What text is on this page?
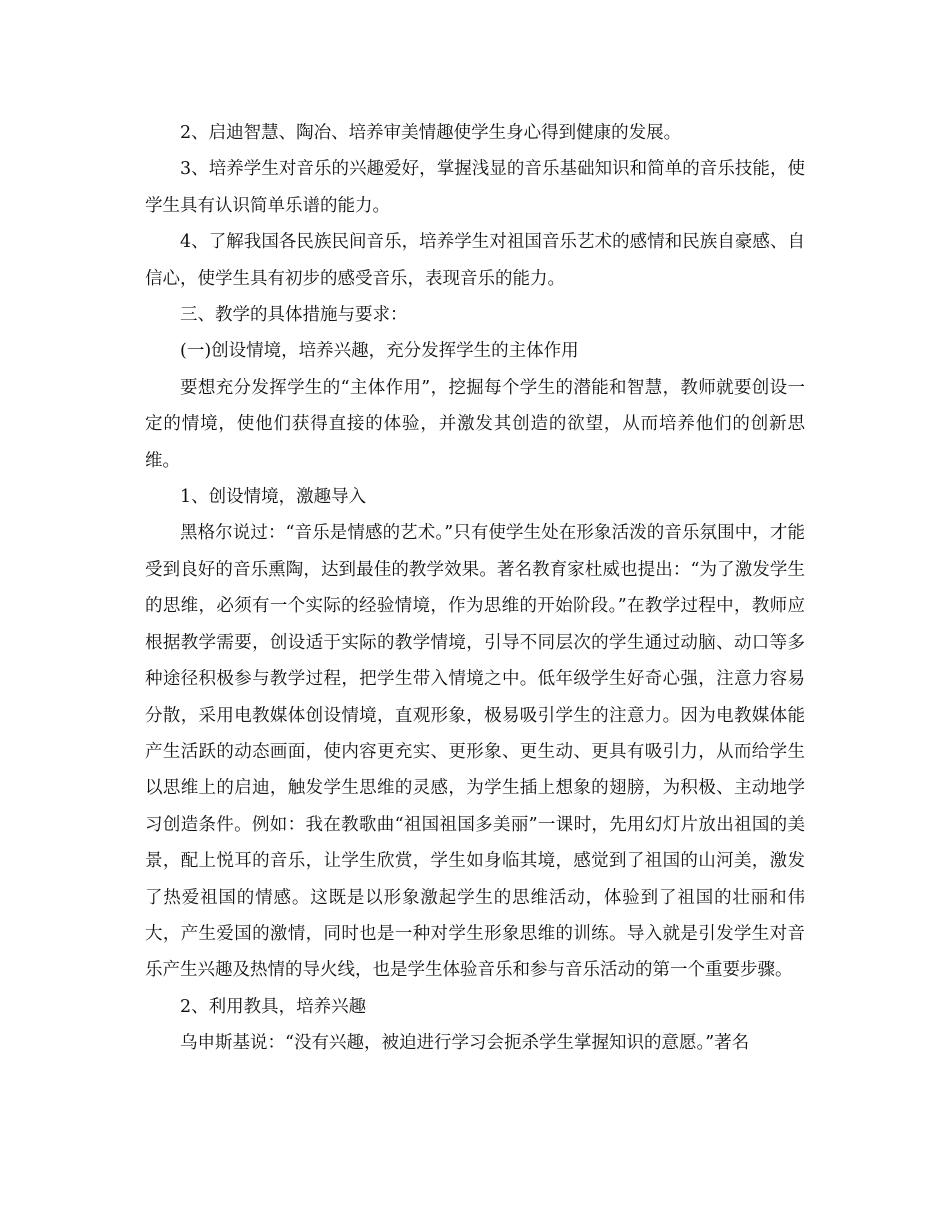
2、启迪智慧、陶冶、培养审美情趣使学生身心得到健康的发展。

3、培养学生对音乐的兴趣爱好，掌握浅显的音乐基础知识和简单的音乐技能，使学生具有认识简单乐谱的能力。

4、了解我国各民族民间音乐，培养学生对祖国音乐艺术的感情和民族自豪感、自信心，使学生具有初步的感受音乐，表现音乐的能力。

三、教学的具体措施与要求：

(一)创设情境，培养兴趣，充分发挥学生的主体作用

要想充分发挥学生的“主体作用”，挖掘每个学生的潜能和智慧，教师就要创设一定的情境，使他们获得直接的体验，并激发其创造的欲望，从而培养他们的创新思维。

1、创设情境，激趣导入

黑格尔说过：“音乐是情感的艺术。”只有使学生处在形象活泼的音乐氛围中，才能受到良好的音乐熏陶，达到最佳的教学效果。著名教育家杜威也提出：“为了激发学生的思维，必须有一个实际的经验情境，作为思维的开始阶段。”在教学过程中，教师应根据教学需要，创设适于实际的教学情境，引导不同层次的学生通过动脑、动口等多种途径积极参与教学过程，把学生带入情境之中。低年级学生好奇心强，注意力容易分散，采用电教媒体创设情境，直观形象，极易吸引学生的注意力。因为电教媒体能产生活跃的动态画面，使内容更充实、更形象、更生动、更具有吸引力，从而给学生以思维上的启迪，触发学生思维的灵感，为学生插上想象的翅膀，为积极、主动地学习创造条件。例如：我在教歌曲“祖国祖国多美丽”一课时，先用幻灯片放出祖国的美景，配上悦耳的音乐，让学生欣赏，学生如身临其境，感觉到了祖国的山河美，激发了热爱祖国的情感。这既是以形象激起学生的思维活动，体验到了祖国的壮丽和伟大，产生爱国的激情，同时也是一种对学生形象思维的训练。导入就是引发学生对音乐产生兴趣及热情的导火线，也是学生体验音乐和参与音乐活动的第一个重要步骤。

2、利用教具，培养兴趣

乌申斯基说：“没有兴趣，被迫进行学习会扼杀学生掌握知识的意愿。”著名
